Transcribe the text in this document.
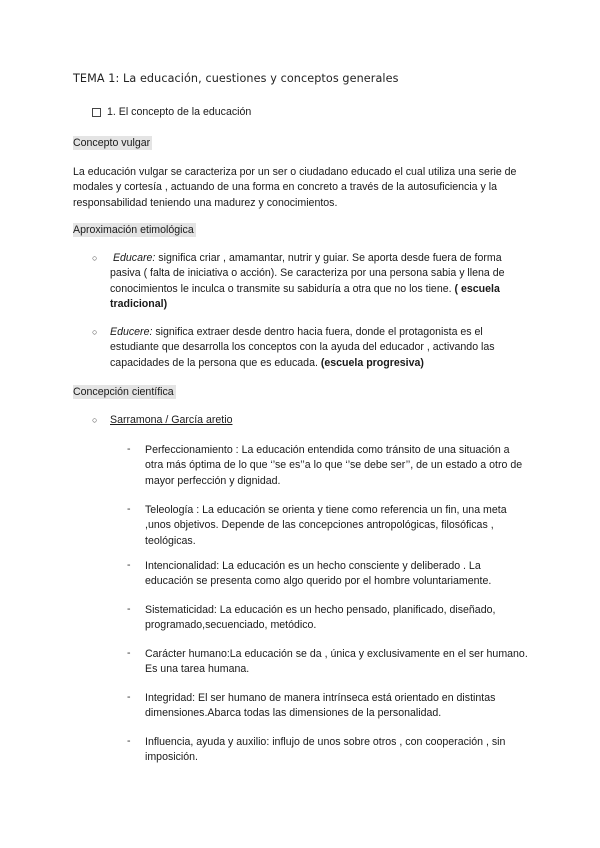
TEMA 1: La educación, cuestiones y conceptos generales
1. El concepto de la educación
Concepto vulgar
La educación vulgar se caracteriza por un ser o ciudadano educado el cual utiliza una serie de modales y cortesía , actuando de una forma en concreto a través de la autosuficiencia y la responsabilidad teniendo una madurez y conocimientos.
Aproximación etimológica
○ Educare: significa criar , amamantar, nutrir y guiar. Se aporta desde fuera de forma pasiva ( falta de iniciativa o acción). Se caracteriza por una persona sabia y llena de conocimientos le inculca o transmite su sabiduría a otra que no los tiene. ( escuela tradicional)
○ Educere: significa extraer desde dentro hacia fuera, donde el protagonista es el estudiante que desarrolla los conceptos con la ayuda del educador , activando las capacidades de la persona que es educada. (escuela progresiva)
Concepción científica
○ Sarramona / García aretio
- Perfeccionamiento : La educación entendida como tránsito de una situación a otra más óptima de lo que ‘’se es’’a lo que ‘’se debe ser’’, de un estado a otro de mayor perfección y dignidad.
- Teleología : La educación se orienta y tiene como referencia un fin, una meta ,unos objetivos. Depende de las concepciones antropológicas, filosóficas , teológicas.
- Intencionalidad: La educación es un hecho consciente y deliberado . La educación se presenta como algo querido por el hombre voluntariamente.
- Sistematicidad: La educación es un hecho pensado, planificado, diseñado, programado,secuenciado, metódico.
- Carácter humano:La educación se da , única y exclusivamente en el ser humano. Es una tarea humana.
- Integridad: El ser humano de manera intrínseca está orientado en distintas dimensiones.Abarca todas las dimensiones de la personalidad.
- Influencia, ayuda y auxilio: influjo de unos sobre otros , con cooperación , sin imposición.
